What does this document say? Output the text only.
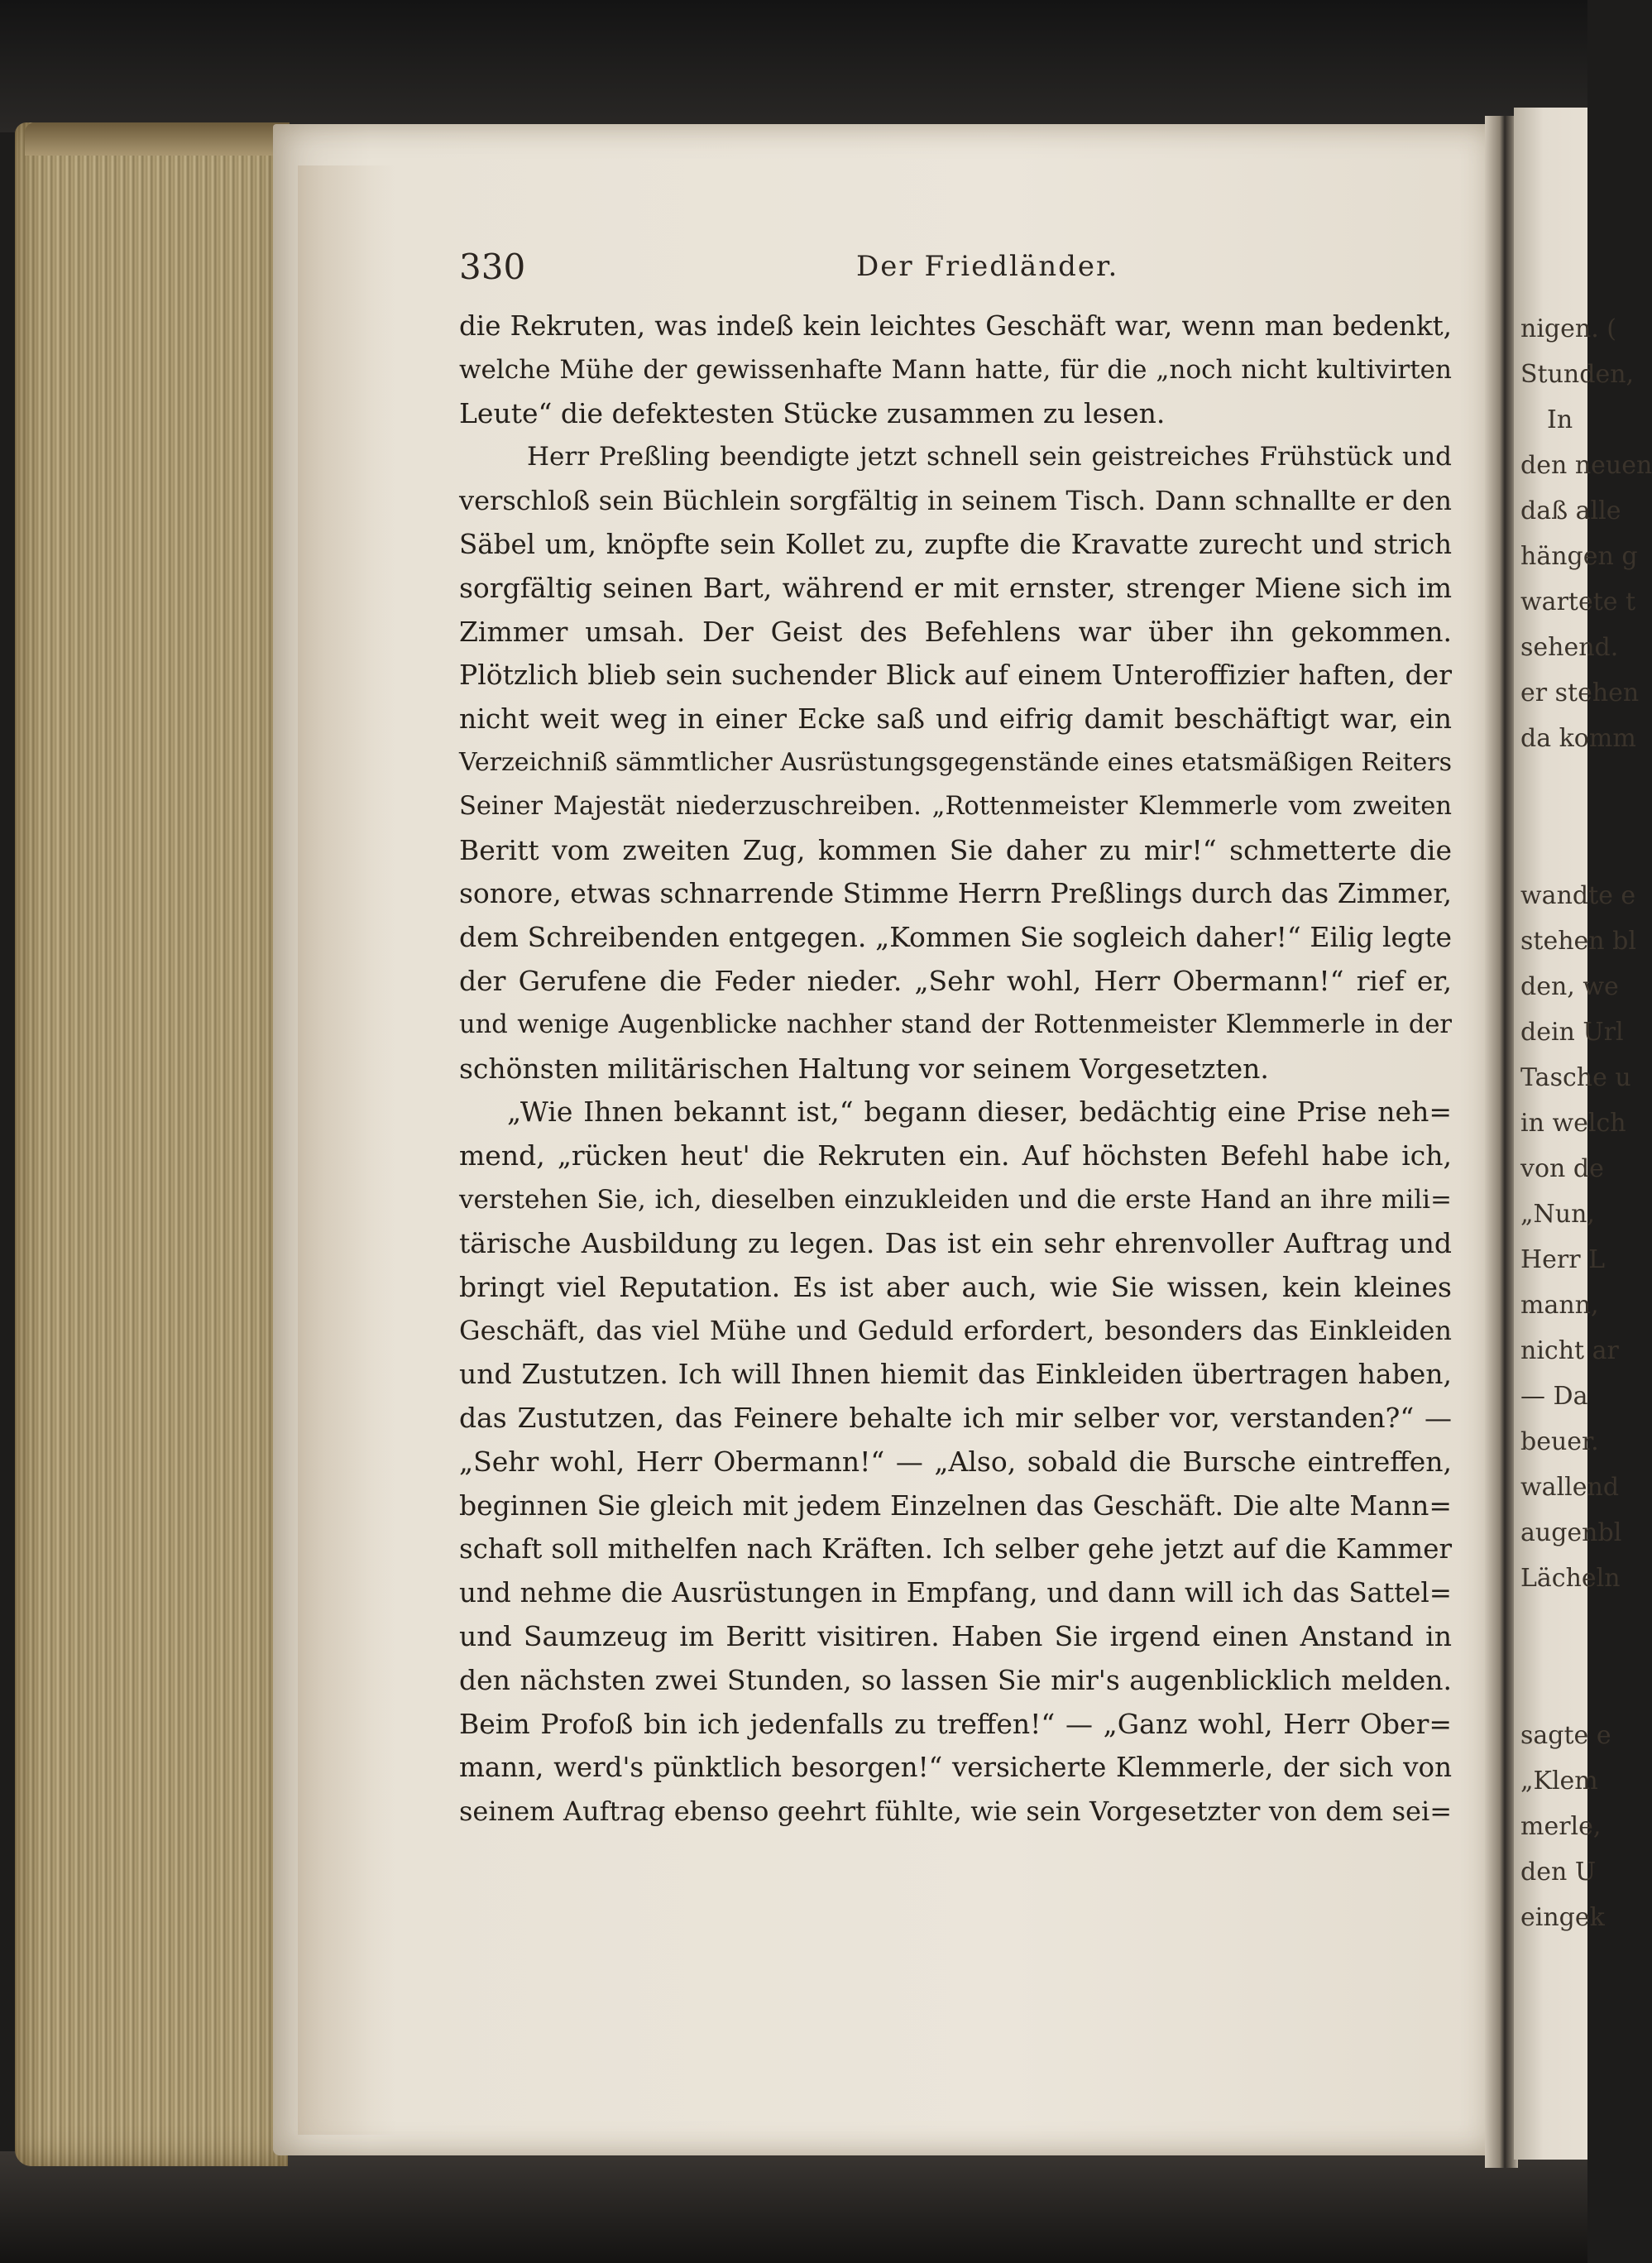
nigen. (
Stunden,
In
den neuen
daß alle
hängen g
wartete t
sehend.
er stehen
da komm
wandte e
stehen bl
den, we
dein Url
Tasche u
in welch
von de
„Nun,
Herr L
mann,
nicht ar
— Da
beuer.
wallend
augenbl
Lächeln
sagte e
„Klem
merle,
den U
eingek
330	Der Friedländer.
die Rekruten, was indeß kein leichtes Geschäft war, wenn man bedenkt,
welche Mühe der gewissenhafte Mann hatte, für die „noch nicht kultivirten
Leute“ die defektesten Stücke zusammen zu lesen.
Herr Preßling beendigte jetzt schnell sein geistreiches Frühstück und
verschloß sein Büchlein sorgfältig in seinem Tisch. Dann schnallte er den
Säbel um, knöpfte sein Kollet zu, zupfte die Kravatte zurecht und strich
sorgfältig seinen Bart, während er mit ernster, strenger Miene sich im
Zimmer umsah. Der Geist des Befehlens war über ihn gekommen.
Plötzlich blieb sein suchender Blick auf einem Unteroffizier haften, der
nicht weit weg in einer Ecke saß und eifrig damit beschäftigt war, ein
Verzeichniß sämmtlicher Ausrüstungsgegenstände eines etatsmäßigen Reiters
Seiner Majestät niederzuschreiben. „Rottenmeister Klemmerle vom zweiten
Beritt vom zweiten Zug, kommen Sie daher zu mir!“ schmetterte die
sonore, etwas schnarrende Stimme Herrn Preßlings durch das Zimmer,
dem Schreibenden entgegen. „Kommen Sie sogleich daher!“ Eilig legte
der Gerufene die Feder nieder. „Sehr wohl, Herr Obermann!“ rief er,
und wenige Augenblicke nachher stand der Rottenmeister Klemmerle in der
schönsten militärischen Haltung vor seinem Vorgesetzten.
„Wie Ihnen bekannt ist,“ begann dieser, bedächtig eine Prise neh=
mend, „rücken heut' die Rekruten ein. Auf höchsten Befehl habe ich,
verstehen Sie, ich, dieselben einzukleiden und die erste Hand an ihre mili=
tärische Ausbildung zu legen. Das ist ein sehr ehrenvoller Auftrag und
bringt viel Reputation. Es ist aber auch, wie Sie wissen, kein kleines
Geschäft, das viel Mühe und Geduld erfordert, besonders das Einkleiden
und Zustutzen. Ich will Ihnen hiemit das Einkleiden übertragen haben,
das Zustutzen, das Feinere behalte ich mir selber vor, verstanden?“ —
„Sehr wohl, Herr Obermann!“ — „Also, sobald die Bursche eintreffen,
beginnen Sie gleich mit jedem Einzelnen das Geschäft. Die alte Mann=
schaft soll mithelfen nach Kräften. Ich selber gehe jetzt auf die Kammer
und nehme die Ausrüstungen in Empfang, und dann will ich das Sattel=
und Saumzeug im Beritt visitiren. Haben Sie irgend einen Anstand in
den nächsten zwei Stunden, so lassen Sie mir's augenblicklich melden.
Beim Profoß bin ich jedenfalls zu treffen!“ — „Ganz wohl, Herr Ober=
mann, werd's pünktlich besorgen!“ versicherte Klemmerle, der sich von
seinem Auftrag ebenso geehrt fühlte, wie sein Vorgesetzter von dem sei=
